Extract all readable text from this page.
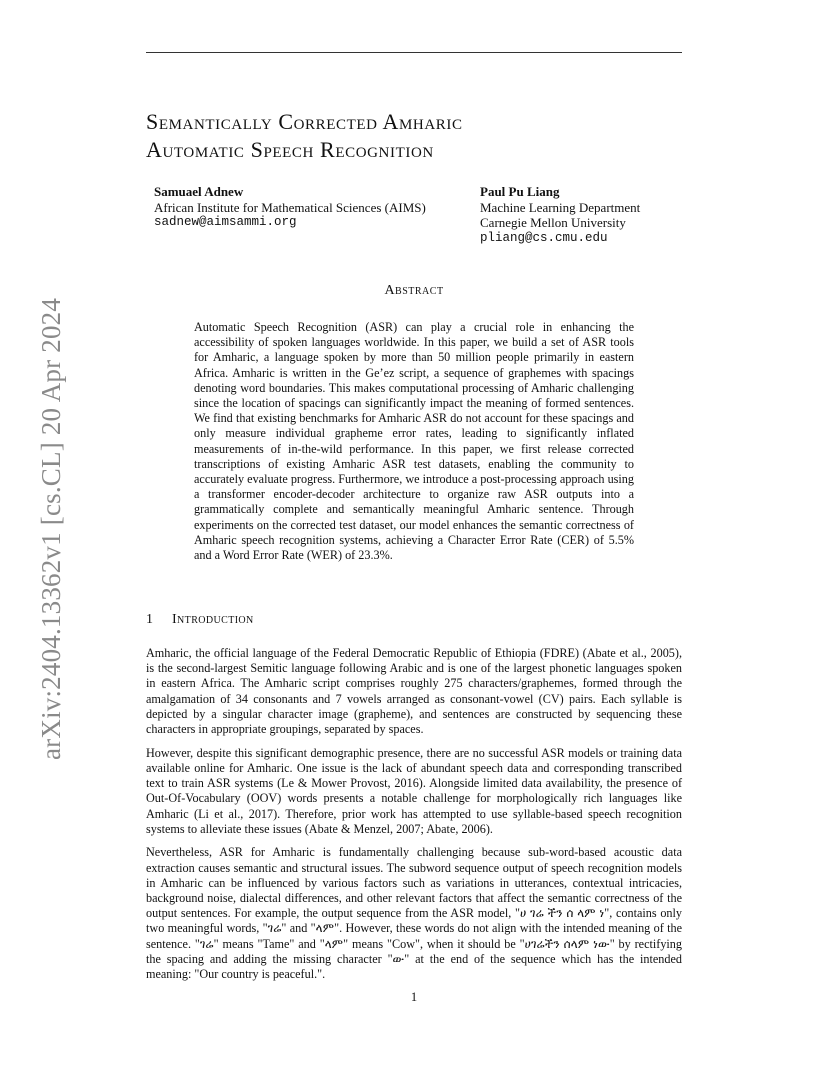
arXiv:2404.13362v1 [cs.CL] 20 Apr 2024
Semantically Corrected Amharic
Automatic Speech Recognition
Samuael Adnew
African Institute for Mathematical Sciences (AIMS)
sadnew@aimsammi.org
Paul Pu Liang
Machine Learning Department
Carnegie Mellon University
pliang@cs.cmu.edu
Abstract
Automatic Speech Recognition (ASR) can play a crucial role in enhancing the accessibility of spoken languages worldwide. In this paper, we build a set of ASR tools for Amharic, a language spoken by more than 50 million people primarily in eastern Africa. Amharic is written in the Ge’ez script, a sequence of graphemes with spacings denoting word boundaries. This makes computational processing of Amharic challenging since the location of spacings can significantly impact the meaning of formed sentences. We find that existing benchmarks for Amharic ASR do not account for these spacings and only measure individual grapheme error rates, leading to significantly inflated measurements of in-the-wild performance. In this paper, we first release corrected transcriptions of existing Amharic ASR test datasets, enabling the community to accurately evaluate progress. Furthermore, we introduce a post-processing approach using a transformer encoder-decoder architecture to organize raw ASR outputs into a grammatically complete and semantically meaningful Amharic sentence. Through experiments on the corrected test dataset, our model enhances the semantic correctness of Amharic speech recognition systems, achieving a Character Error Rate (CER) of 5.5% and a Word Error Rate (WER) of 23.3%.
1 Introduction

Amharic, the official language of the Federal Democratic Republic of Ethiopia (FDRE) (Abate et al., 2005), is the second-largest Semitic language following Arabic and is one of the largest phonetic languages spoken in eastern Africa. The Amharic script comprises roughly 275 characters/graphemes, formed through the amalgamation of 34 consonants and 7 vowels arranged as consonant-vowel (CV) pairs. Each syllable is depicted by a singular character image (grapheme), and sentences are constructed by sequencing these characters in appropriate groupings, separated by spaces.

However, despite this significant demographic presence, there are no successful ASR models or training data available online for Amharic. One issue is the lack of abundant speech data and corresponding transcribed text to train ASR systems (Le & Mower Provost, 2016). Alongside limited data availability, the presence of Out-Of-Vocabulary (OOV) words presents a notable challenge for morphologically rich languages like Amharic (Li et al., 2017). Therefore, prior work has attempted to use syllable-based speech recognition systems to alleviate these issues (Abate & Menzel, 2007; Abate, 2006).

Nevertheless, ASR for Amharic is fundamentally challenging because sub-word-based acoustic data extraction causes semantic and structural issues. The subword sequence output of speech recognition models in Amharic can be influenced by various factors such as variations in utterances, contextual intricacies, background noise, dialectal differences, and other relevant factors that affect the semantic correctness of the output sentences. For example, the output sequence from the ASR model, "ሀ ገሬ ችን ሰ ላም ነ", contains only two meaningful words, "ገሬ" and "ላም". However, these words do not align with the intended meaning of the sentence. "ገሬ" means "Tame" and "ላም" means "Cow", when it should be "ሀገሬችን ሰላም ነው" by rectifying the spacing and adding the missing character "ው" at the end of the sequence which has the intended meaning: "Our country is peaceful.".

1
